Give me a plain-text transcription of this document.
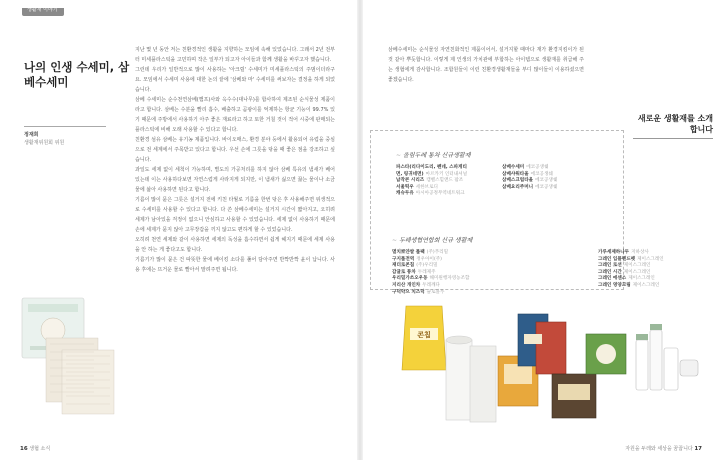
생활재 이야기
나의 인생 수세미, 삼베수세미
정재희
생활재위원회 위원
지난 몇 년 동안 저는 친환경적인 생활을 지향하는 모임에 속해 있었습니다. 그래서 2년 전부터 미세플라스틱을 고민하며 작은 일부가 되고자 아이들과 함께 생활을 바꾸고자 했습니다.
그런데 우리가 일반적으로 많이 사용하는 '아크릴' 수세미가 미세플라스틱의 주범이더라구요. 모임에서 수세미 사용에 대한 논의 끝에 '삼베와 마' 수세미를 써보자는 결정을 하게 되었습니다.
삼베 수세미는 순수천연삼베(햄프)사와 옥수수(대나무)를 합사하여 제조된 순식물성 제품이라고 합니다. 삼베는 수분을 빨리 흡수, 배출하고 곰팡이를 억제하는 항균 기능이 99.7% 있기 때문에 주방에서 사용하기 아주 좋은 재료라고 하고 또한 거칠 것이 적어 시중에 판매되는 플라스틱에 비해 오래 사용할 수 있다고 합니다.
친환경 섬유 삼베는 유기농 제품입니다. 바이오매스, 환경 분야 등에서 활용되어 유럽을 중심으로 전 세계에서 주목받고 있다고 합니다. 우선 손에 그릇을 닦을 때 좋은 점을 강조하고 싶습니다.
과일도 세제 없이 세척이 가능하며, 별도의 가공처리를 하지 않아 삼베 특유의 냄새가 베어 있는데 이는 사용하다보면 자연스럽게 사라지게 되지만, 이 냄새가 싫으면 끓는 물이나 소금물에 삶아 사용하면 된다고 합니다.
기름이 많이 묻은 그릇은 설거지 전에 키친 타월로 기름을 한번 닦은 후 사용해주면 위생적으로 수세미를 사용할 수 있다고 합니다. 다 쓴 삼베수세미는 설거지 시간이 짧아지고, 오히려 세제가 남아있을 걱정이 없으니 안심하고 사용할 수 있었습니다. 세제 없이 사용하기 때문에 손에 세제가 묻지 않아 고무장갑을 끼지 않고도 편하게 할 수 있었습니다.
오히려 천연 세제와 같이 사용하면 세제의 독성을 흡수하면서 쉽게 헤지기 때문에 세제 사용을 안 하는 게 좋다고도 합니다.
기름기가 많이 묻은 건 따뜻한 물에 베이킹 소다를 풀어 담아주면 반짝반짝 윤이 납니다. 사용 후에는 뜨거운 물로 빨아서 말려주면 됩니다.
16 생협 소식
삼베수세미는 순식물성 자연친화적인 제품이어서, 설거지할 때마다 재가 환경지킴이가 된 것 같아 뿌듯합니다. 이렇게 제 인생의 가치관에 부합하는 아이템으로 생활재를 취급해 주는 생협에게 감사합니다. 조합원들이 이런 친환경생활재들을 부디 많이들이 이용하셨으면 좋겠습니다.
새로운 생활재를 소개합니다
~ 올림두레 통차 신규생활재
파스타(리다이도리, 펜네, 스파게티
면, 링귀네면) 마르카키 인터내셔널
납작콘 시리즈 캠벨스힐앤드 팜조
서울떡우 세한브로디
캐슈두유 아시아공정무역네트워크
삼베수세미 에코공생쉐
삼베샤워타올 에코공생쉐
삼베스크럽타올 에코공생쉐
삼베요리주머니 에코공생쉐
~ 두레생협연합회 신규 생활재
멸치뽀얀쌀 롤팩 (주)푸리밀
구지롤전역 정우아이(주)
재더로콘칩 (주)우리밀
감귤로 통차 두레제주
우리밀가쓰오우동 해미원행자영농조합
지리산 개인차 두레깨다
구덕약으 치즈덕 슬로볼푸
가루세제하나두 지하상사
그레인 입플렌드펫 제이스그레인
그레인 로션 제이스그레인
그레인 시간 제이스그레인
그레인 에센스 제이스그레인
그레인 영양크림 제이스그레인
콘칩
자원을 두레와 세상을 꿈꿉니다 17
